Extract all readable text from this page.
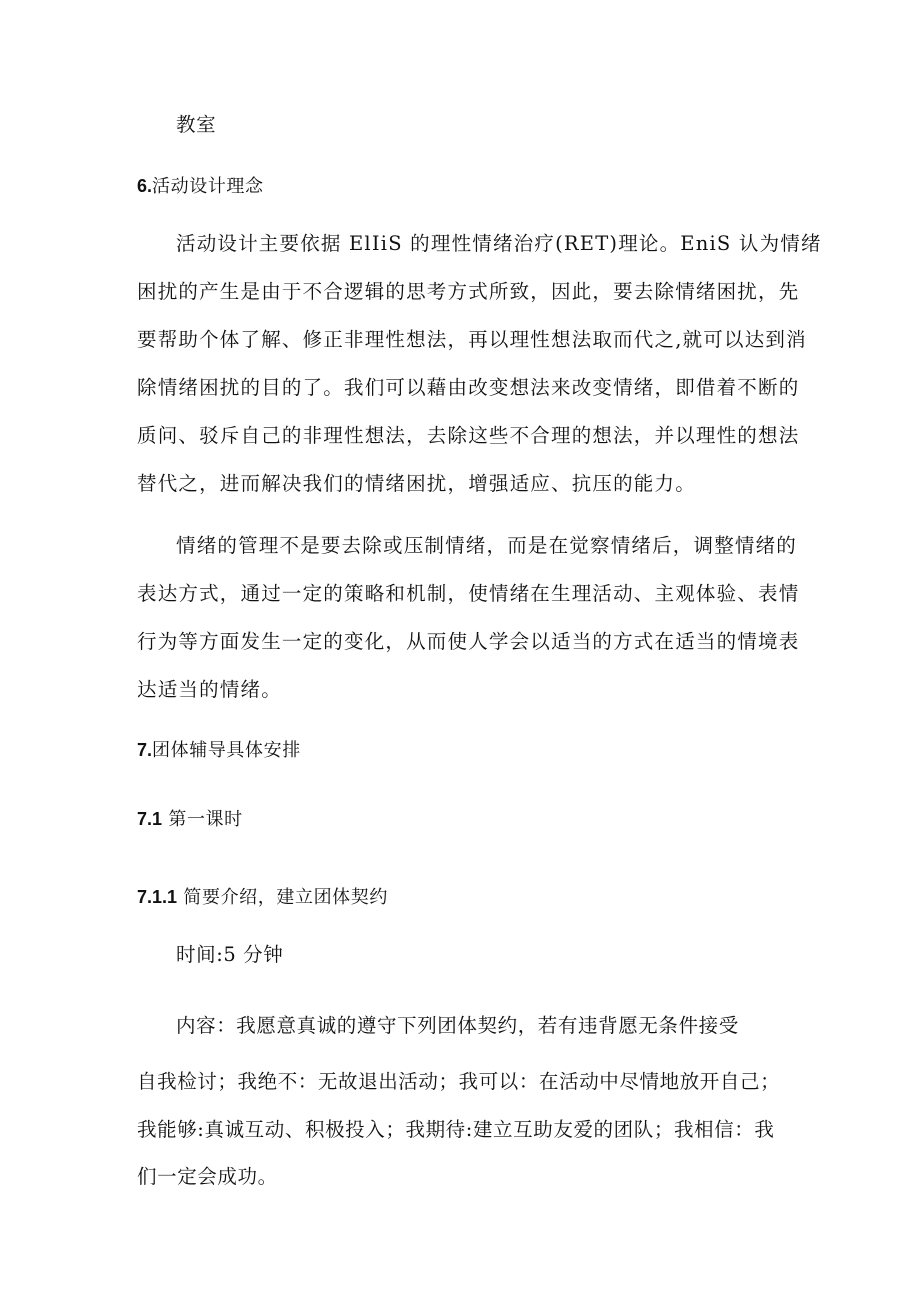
教室
6.活动设计理念
活动设计主要依据 ElIiS 的理性情绪治疗(RET)理论。EniS 认为情绪
困扰的产生是由于不合逻辑的思考方式所致，因此，要去除情绪困扰，先
要帮助个体了解、修正非理性想法，再以理性想法取而代之,就可以达到消
除情绪困扰的目的了。我们可以藉由改变想法来改变情绪，即借着不断的
质问、驳斥自己的非理性想法，去除这些不合理的想法，并以理性的想法
替代之，进而解决我们的情绪困扰，增强适应、抗压的能力。
情绪的管理不是要去除或压制情绪，而是在觉察情绪后，调整情绪的
表达方式，通过一定的策略和机制，使情绪在生理活动、主观体验、表情
行为等方面发生一定的变化，从而使人学会以适当的方式在适当的情境表
达适当的情绪。
7.团体辅导具体安排
7.1 第一课时
7.1.1 简要介绍，建立团体契约
时间:5 分钟
内容：我愿意真诚的遵守下列团体契约，若有违背愿无条件接受
自我检讨；我绝不：无故退出活动；我可以：在活动中尽情地放开自己；
我能够:真诚互动、积极投入；我期待:建立互助友爱的团队；我相信：我
们一定会成功。
